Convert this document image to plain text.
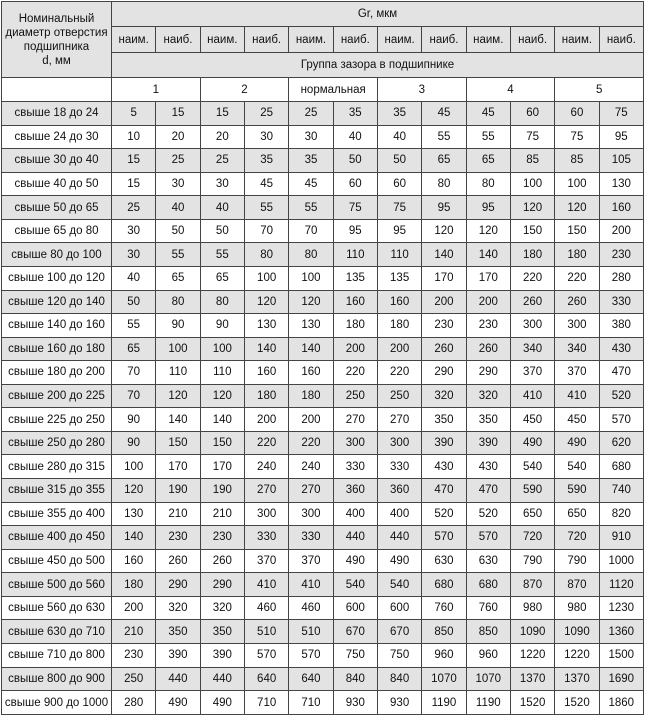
Номинальный
диаметр отверстия
подшипника
d, мм	Gr, мкм											
	наим.	наиб.	наим.	наиб.	наим.	наиб.	наим.	наиб.	наим.	наиб.	наим.	наиб.
	Группа зазора в подшипнике											
	1		2		нормальная		3		4		5	
свыше 18 до 24	5	15	15	25	25	35	35	45	45	60	60	75
свыше 24 до 30	10	20	20	30	30	40	40	55	55	75	75	95
свыше 30 до 40	15	25	25	35	35	50	50	65	65	85	85	105
свыше 40 до 50	15	30	30	45	45	60	60	80	80	100	100	130
свыше 50 до 65	25	40	40	55	55	75	75	95	95	120	120	160
свыше 65 до 80	30	50	50	70	70	95	95	120	120	150	150	200
свыше 80 до 100	30	55	55	80	80	110	110	140	140	180	180	230
свыше 100 до 120	40	65	65	100	100	135	135	170	170	220	220	280
свыше 120 до 140	50	80	80	120	120	160	160	200	200	260	260	330
свыше 140 до 160	55	90	90	130	130	180	180	230	230	300	300	380
свыше 160 до 180	65	100	100	140	140	200	200	260	260	340	340	430
свыше 180 до 200	70	110	110	160	160	220	220	290	290	370	370	470
свыше 200 до 225	70	120	120	180	180	250	250	320	320	410	410	520
свыше 225 до 250	90	140	140	200	200	270	270	350	350	450	450	570
свыше 250 до 280	90	150	150	220	220	300	300	390	390	490	490	620
свыше 280 до 315	100	170	170	240	240	330	330	430	430	540	540	680
свыше 315 до 355	120	190	190	270	270	360	360	470	470	590	590	740
свыше 355 до 400	130	210	210	300	300	400	400	520	520	650	650	820
свыше 400 до 450	140	230	230	330	330	440	440	570	570	720	720	910
свыше 450 до 500	160	260	260	370	370	490	490	630	630	790	790	1000
свыше 500 до 560	180	290	290	410	410	540	540	680	680	870	870	1120
свыше 560 до 630	200	320	320	460	460	600	600	760	760	980	980	1230
свыше 630 до 710	210	350	350	510	510	670	670	850	850	1090	1090	1360
свыше 710 до 800	230	390	390	570	570	750	750	960	960	1220	1220	1500
свыше 800 до 900	250	440	440	640	640	840	840	1070	1070	1370	1370	1690
свыше 900 до 1000	280	490	490	710	710	930	930	1190	1190	1520	1520	1860
